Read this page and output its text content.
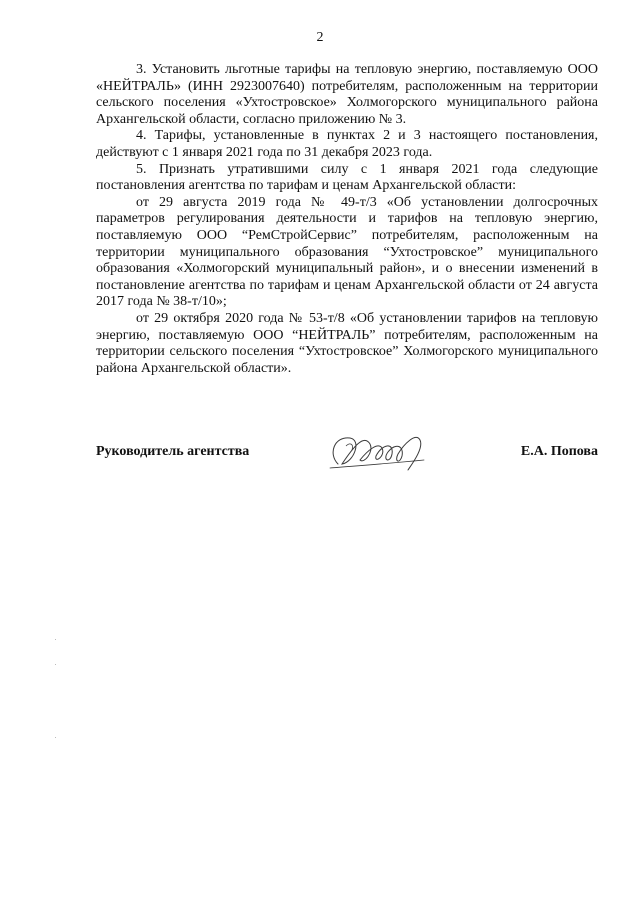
2

3. Установить льготные тарифы на тепловую энергию, поставляемую ООО «НЕЙТРАЛЬ» (ИНН 2923007640) потребителям, расположенным на территории сельского поселения «Ухтостровское» Холмогорского муниципального района Архангельской области, согласно приложению № 3.

4. Тарифы, установленные в пунктах 2 и 3 настоящего постановления, действуют с 1 января 2021 года по 31 декабря 2023 года.

5. Признать утратившими силу с 1 января 2021 года следующие постановления агентства по тарифам и ценам Архангельской области:

от 29 августа 2019 года № 49-т/3 «Об установлении долгосрочных параметров регулирования деятельности и тарифов на тепловую энергию, поставляемую ООО “РемСтройСервис” потребителям, расположенным на территории муниципального образования “Ухтостровское” муниципального образования «Холмогорский муниципальный район», и о внесении изменений в постановление агентства по тарифам и ценам Архангельской области от 24 августа 2017 года № 38-т/10»;

от 29 октября 2020 года № 53-т/8 «Об установлении тарифов на тепловую энергию, поставляемую ООО “НЕЙТРАЛЬ” потребителям, расположенным на территории сельского поселения “Ухтостровское” Холмогорского муниципального района Архангельской области».

Руководитель агентства	Е.А. Попова
